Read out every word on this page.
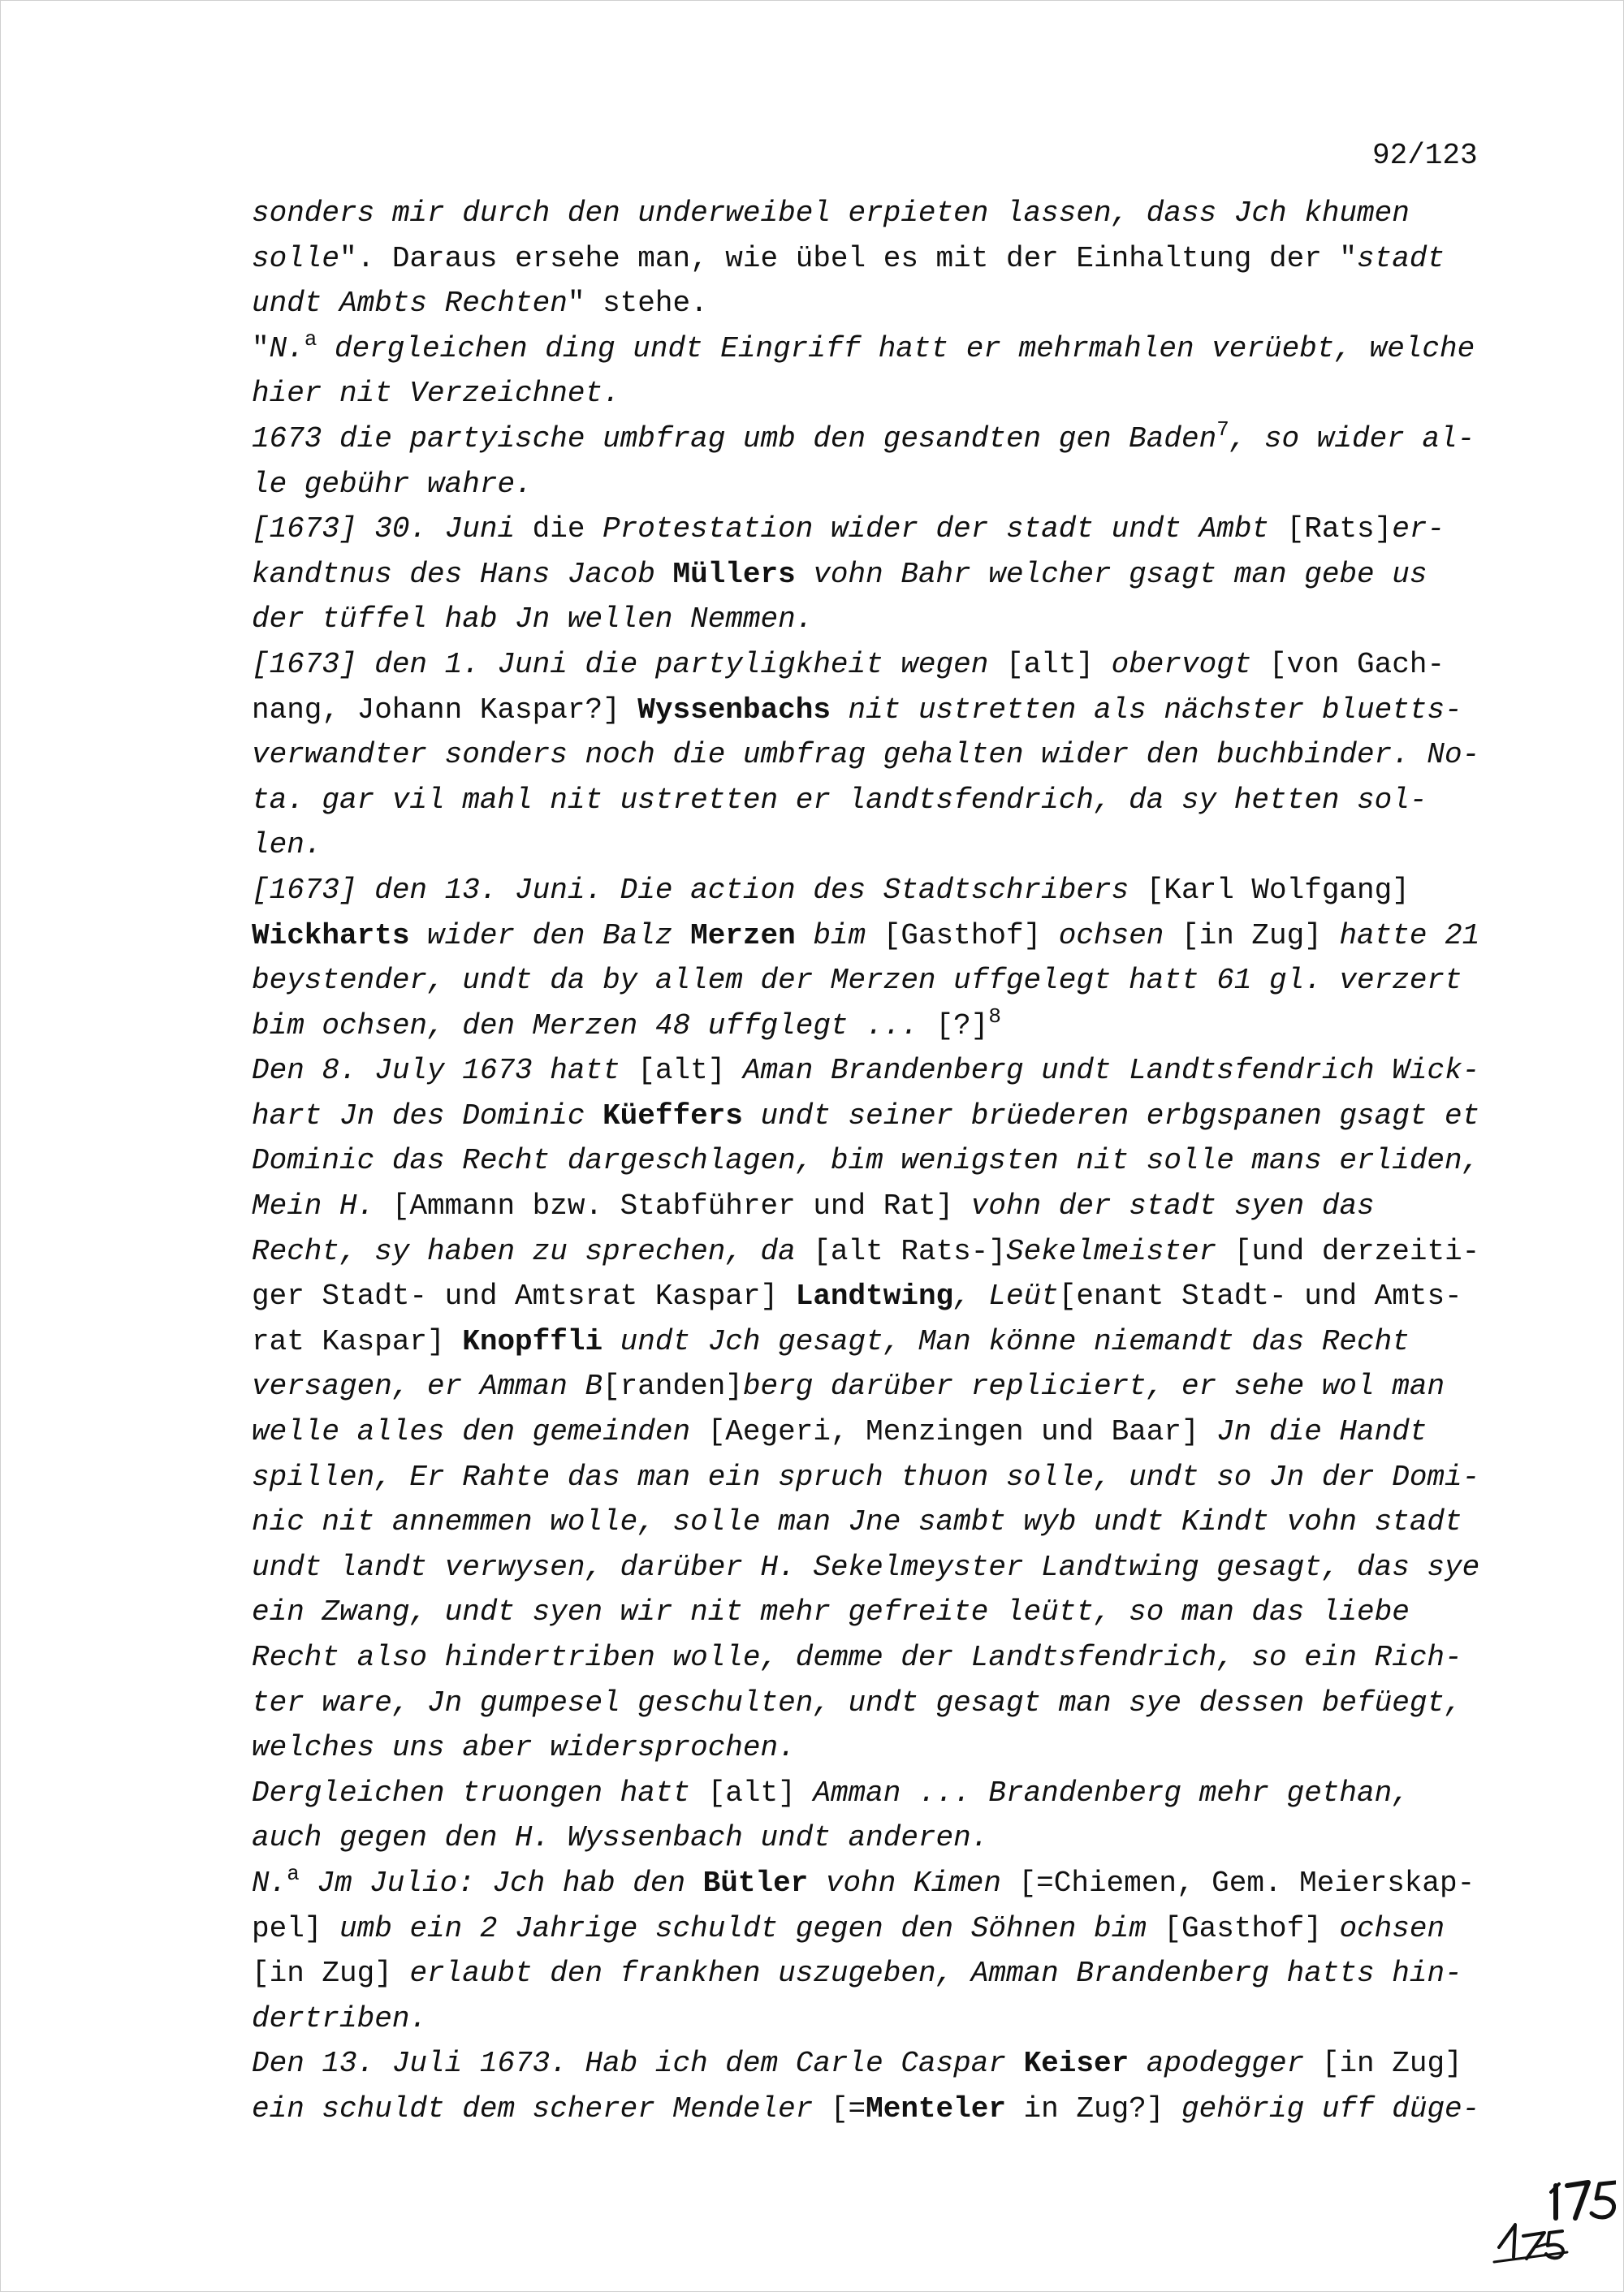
92/123
sonders mir durch den underweibel erpieten lassen, dass Jch khumen
solle". Daraus ersehe man, wie übel es mit der Einhaltung der "stadt
undt Ambts Rechten" stehe.
"N.$^a$ dergleichen ding undt Eingriff hatt er mehrmahlen verüebt, welche
hier nit Verzeichnet.
1673 die partyische umbfrag umb den gesandten gen Baden$^7$, so wider al-
le gebühr wahre.
[1673] 30. Juni die Protestation wider der stadt undt Ambt [Rats]er-
kandtnus des Hans Jacob Müllers vohn Bahr welcher gsagt man gebe us
der tüffel hab Jn wellen Nemmen.
[1673] den 1. Juni die partyligkheit wegen [alt] obervogt [von Gach-
nang, Johann Kaspar?] Wyssenbachs nit ustretten als nächster bluetts-
verwandter sonders noch die umbfrag gehalten wider den buchbinder. No-
ta. gar vil mahl nit ustretten er landtsfendrich, da sy hetten sol-
len.
[1673] den 13. Juni. Die action des Stadtschribers [Karl Wolfgang]
Wickharts wider den Balz Merzen bim [Gasthof] ochsen [in Zug] hatte 21
beystender, undt da by allem der Merzen uffgelegt hatt 61 gl. verzert
bim ochsen, den Merzen 48 uffglegt ... [?]$^8$
Den 8. July 1673 hatt [alt] Aman Brandenberg undt Landtsfendrich Wick-
hart Jn des Dominic Küeffers undt seiner brüederen erbgspanen gsagt et
Dominic das Recht dargeschlagen, bim wenigsten nit solle mans erliden,
Mein H. [Ammann bzw. Stabführer und Rat] vohn der stadt syen das
Recht, sy haben zu sprechen, da [alt Rats-]Sekelmeister [und derzeiti-
ger Stadt- und Amtsrat Kaspar] Landtwing, Leüt[enant Stadt- und Amts-
rat Kaspar] Knopffli undt Jch gesagt, Man könne niemandt das Recht
versagen, er Amman B[randen]berg darüber repliciert, er sehe wol man
welle alles den gemeinden [Aegeri, Menzingen und Baar] Jn die Handt
spillen, Er Rahte das man ein spruch thuon solle, undt so Jn der Domi-
nic nit annemmen wolle, solle man Jne sambt wyb undt Kindt vohn stadt
undt landt verwysen, darüber H. Sekelmeyster Landtwing gesagt, das sye
ein Zwang, undt syen wir nit mehr gefreite leütt, so man das liebe
Recht also hindertriben wolle, demme der Landtsfendrich, so ein Rich-
ter ware, Jn gumpesel geschulten, undt gesagt man sye dessen befüegt,
welches uns aber widersprochen.
Dergleichen truongen hatt [alt] Amman ... Brandenberg mehr gethan,
auch gegen den H. Wyssenbach undt anderen.
N.$^a$ Jm Julio: Jch hab den Bütler vohn Kimen [=Chiemen, Gem. Meierskap-
pel] umb ein 2 Jahrige schuldt gegen den Söhnen bim [Gasthof] ochsen
[in Zug] erlaubt den frankhen uszugeben, Amman Brandenberg hatts hin-
dertriben.
Den 13. Juli 1673. Hab ich dem Carle Caspar Keiser apodegger [in Zug]
ein schuldt dem scherer Mendeler [=Menteler in Zug?] gehörig uff düge-
